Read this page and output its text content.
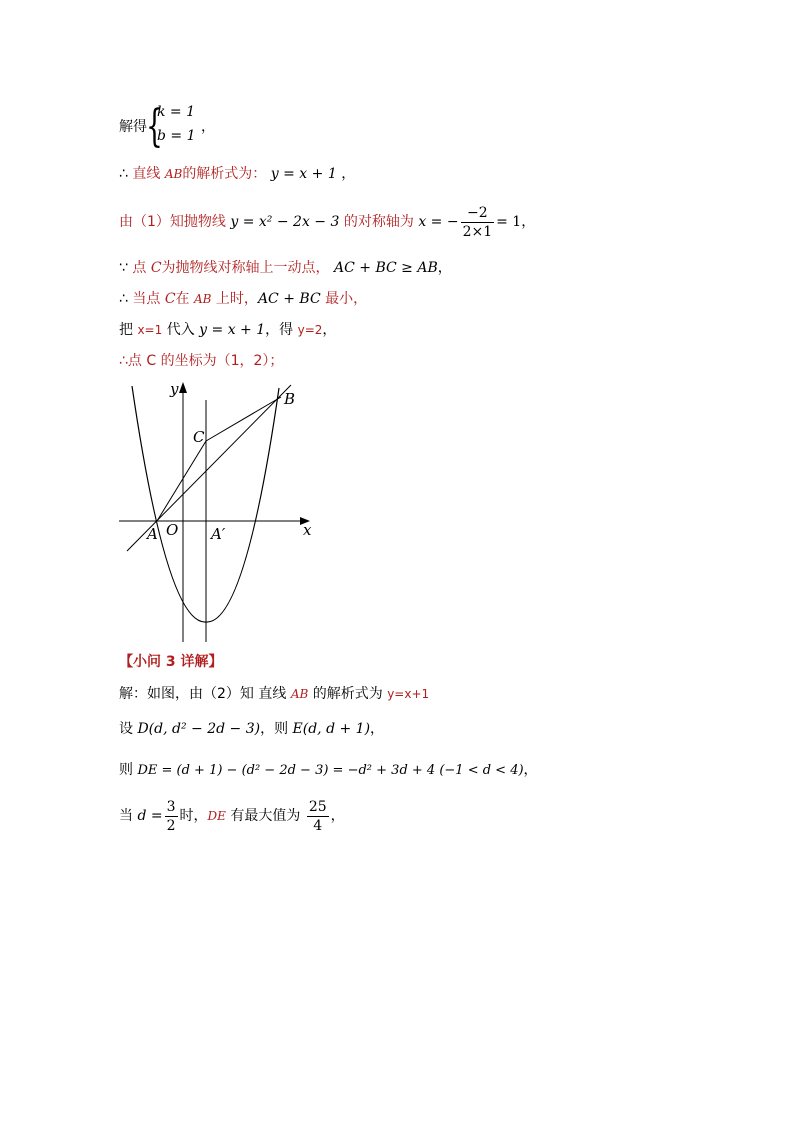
解得 {
k = 1
b = 1
，
∴ 直线 AB的解析式为： y = x + 1 ，
由（1）知抛物线 y = x² − 2x − 3 的对称轴为 x = − $\frac{-2}{2\times 1} = 1$，
∵ 点 C为抛物线对称轴上一动点， AC + BC ≥ AB，
∴ 当点 C在 AB 上时，AC + BC 最小，
把 x=1 代入 y = x + 1，得 y=2，
∴点 C 的坐标为（1，2）；
y
x
B
C
A O A′
【小问 3 详解】
解：如图，由（2）知 直线 AB 的解析式为 y=x+1
设 D(d, d² − 2d − 3)，则 E(d, d + 1)，
则 DE = (d + 1) − (d² − 2d − 3) = −d² + 3d + 4 (−1 < d < 4)，
当 $d = \frac{3}{2}$ 时，DE 有最大值为 $\frac{25}{4}$ ，
